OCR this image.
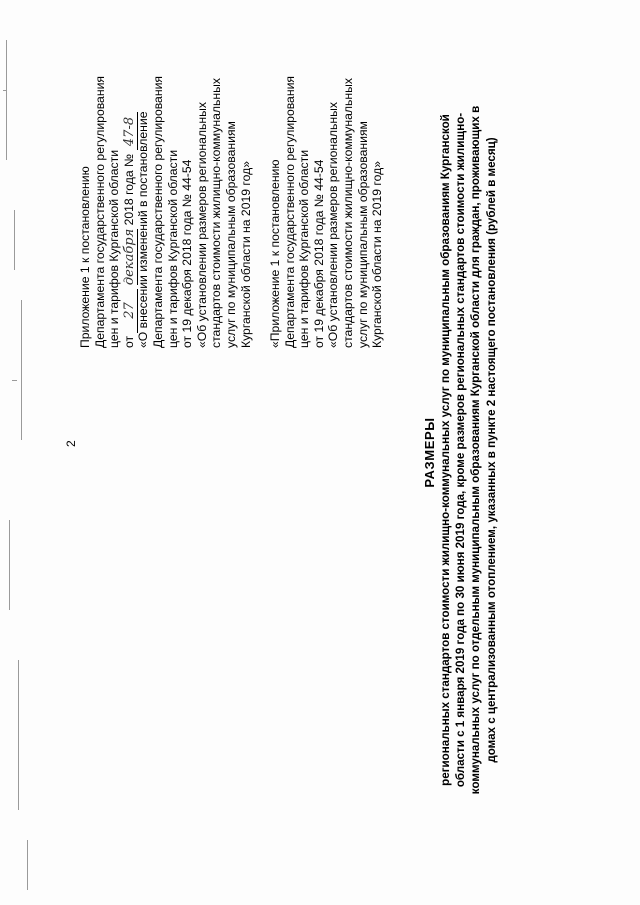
2
Приложение 1 к постановлению Департамента государственного регулирования цен и тарифов Курганской области от 27 декабря 2018 года № 47-8 «О внесении изменений в постановление Департамента государственного регулирования цен и тарифов Курганской области от 19 декабря 2018 года № 44-54 «Об установлении размеров региональных стандартов стоимости жилищно-коммунальных услуг по муниципальным образованиям Курганской области на 2019 год» «Приложение 1 к постановлению Департамента государственного регулирования цен и тарифов Курганской области от 19 декабря 2018 года № 44-54 «Об установлении размеров региональных стандартов стоимости жилищно-коммунальных услуг по муниципальным образованиям Курганской области на 2019 год»
РАЗМЕРЫ региональных стандартов стоимости жилищно-коммунальных услуг по муниципальным образованиям Курганской области с 1 января 2019 года по 30 июня 2019 года, кроме размеров региональных стандартов стоимости жилищно- коммунальных услуг по отдельным муниципальным образованиям Курганской области для граждан, проживающих в домах с централизованным отоплением, указанных в пункте 2 настоящего постановления (рублей в месяц)
